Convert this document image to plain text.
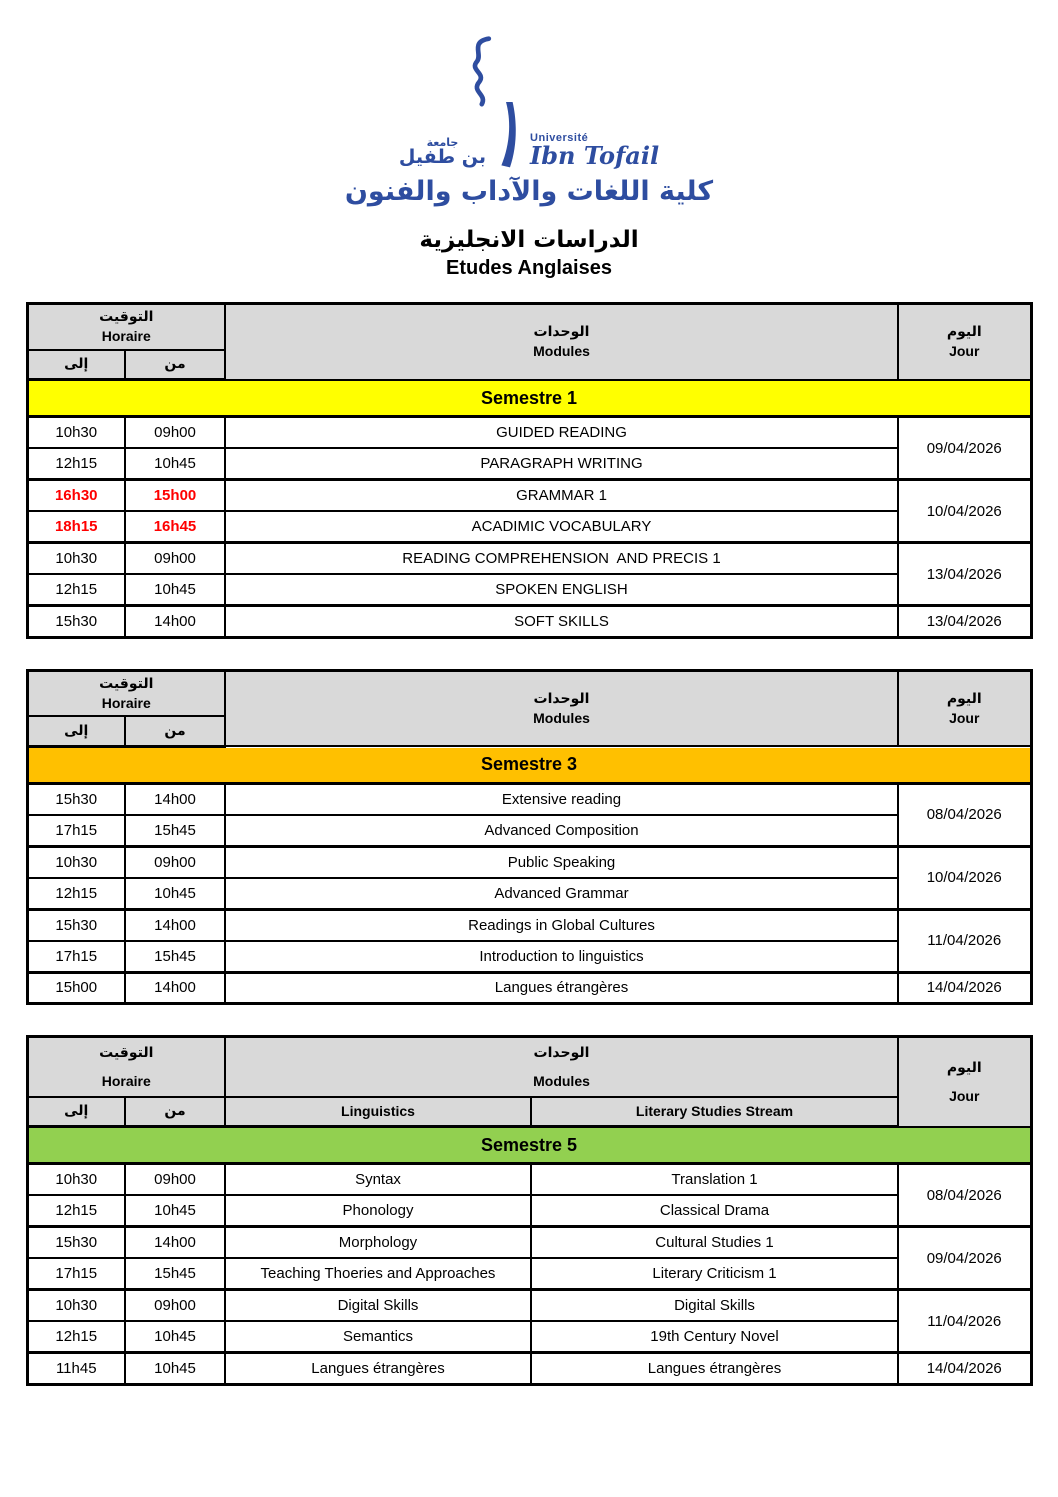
جامعة
بن طفيل
Université
Ibn Tofail
كلية اللغات والآداب والفنون
الدراسات الانجليزية
Etudes Anglaises
Semestre 1			

التوقيت
Horaire		الوحدات
Modules	اليوم
Jour

إلى	من		
10h30	09h00	GUIDED READING	09/04/2026
12h15	10h45	PARAGRAPH WRITING	
16h30	15h00	GRAMMAR 1	10/04/2026
18h15	16h45	ACADIMIC VOCABULARY	
10h30	09h00	READING COMPREHENSION  AND PRECIS 1	13/04/2026
12h15	10h45	SPOKEN ENGLISH	
15h30	14h00	SOFT SKILLS	13/04/2026
Semestre 3			

التوقيت
Horaire		الوحدات
Modules	اليوم
Jour

إلى	من		
15h30	14h00	Extensive reading	08/04/2026
17h15	15h45	Advanced Composition	
10h30	09h00	Public Speaking	10/04/2026
12h15	10h45	Advanced Grammar	
15h30	14h00	Readings in Global Cultures	11/04/2026
17h15	15h45	Introduction to linguistics	
15h00	14h00	Langues étrangères	14/04/2026
Semestre 5				

التوقيت
Horaire		الوحدات
Modules		اليوم
Jour

إلى	من	Linguistics	Literary Studies Stream	
10h30	09h00	Syntax	Translation 1	08/04/2026
12h15	10h45	Phonology	Classical Drama	
15h30	14h00	Morphology	Cultural Studies 1	09/04/2026
17h15	15h45	Teaching Thoeries and Approaches	Literary Criticism 1	
10h30	09h00	Digital Skills	Digital Skills	11/04/2026
12h15	10h45	Semantics	19th Century Novel	
11h45	10h45	Langues étrangères	Langues étrangères	14/04/2026
